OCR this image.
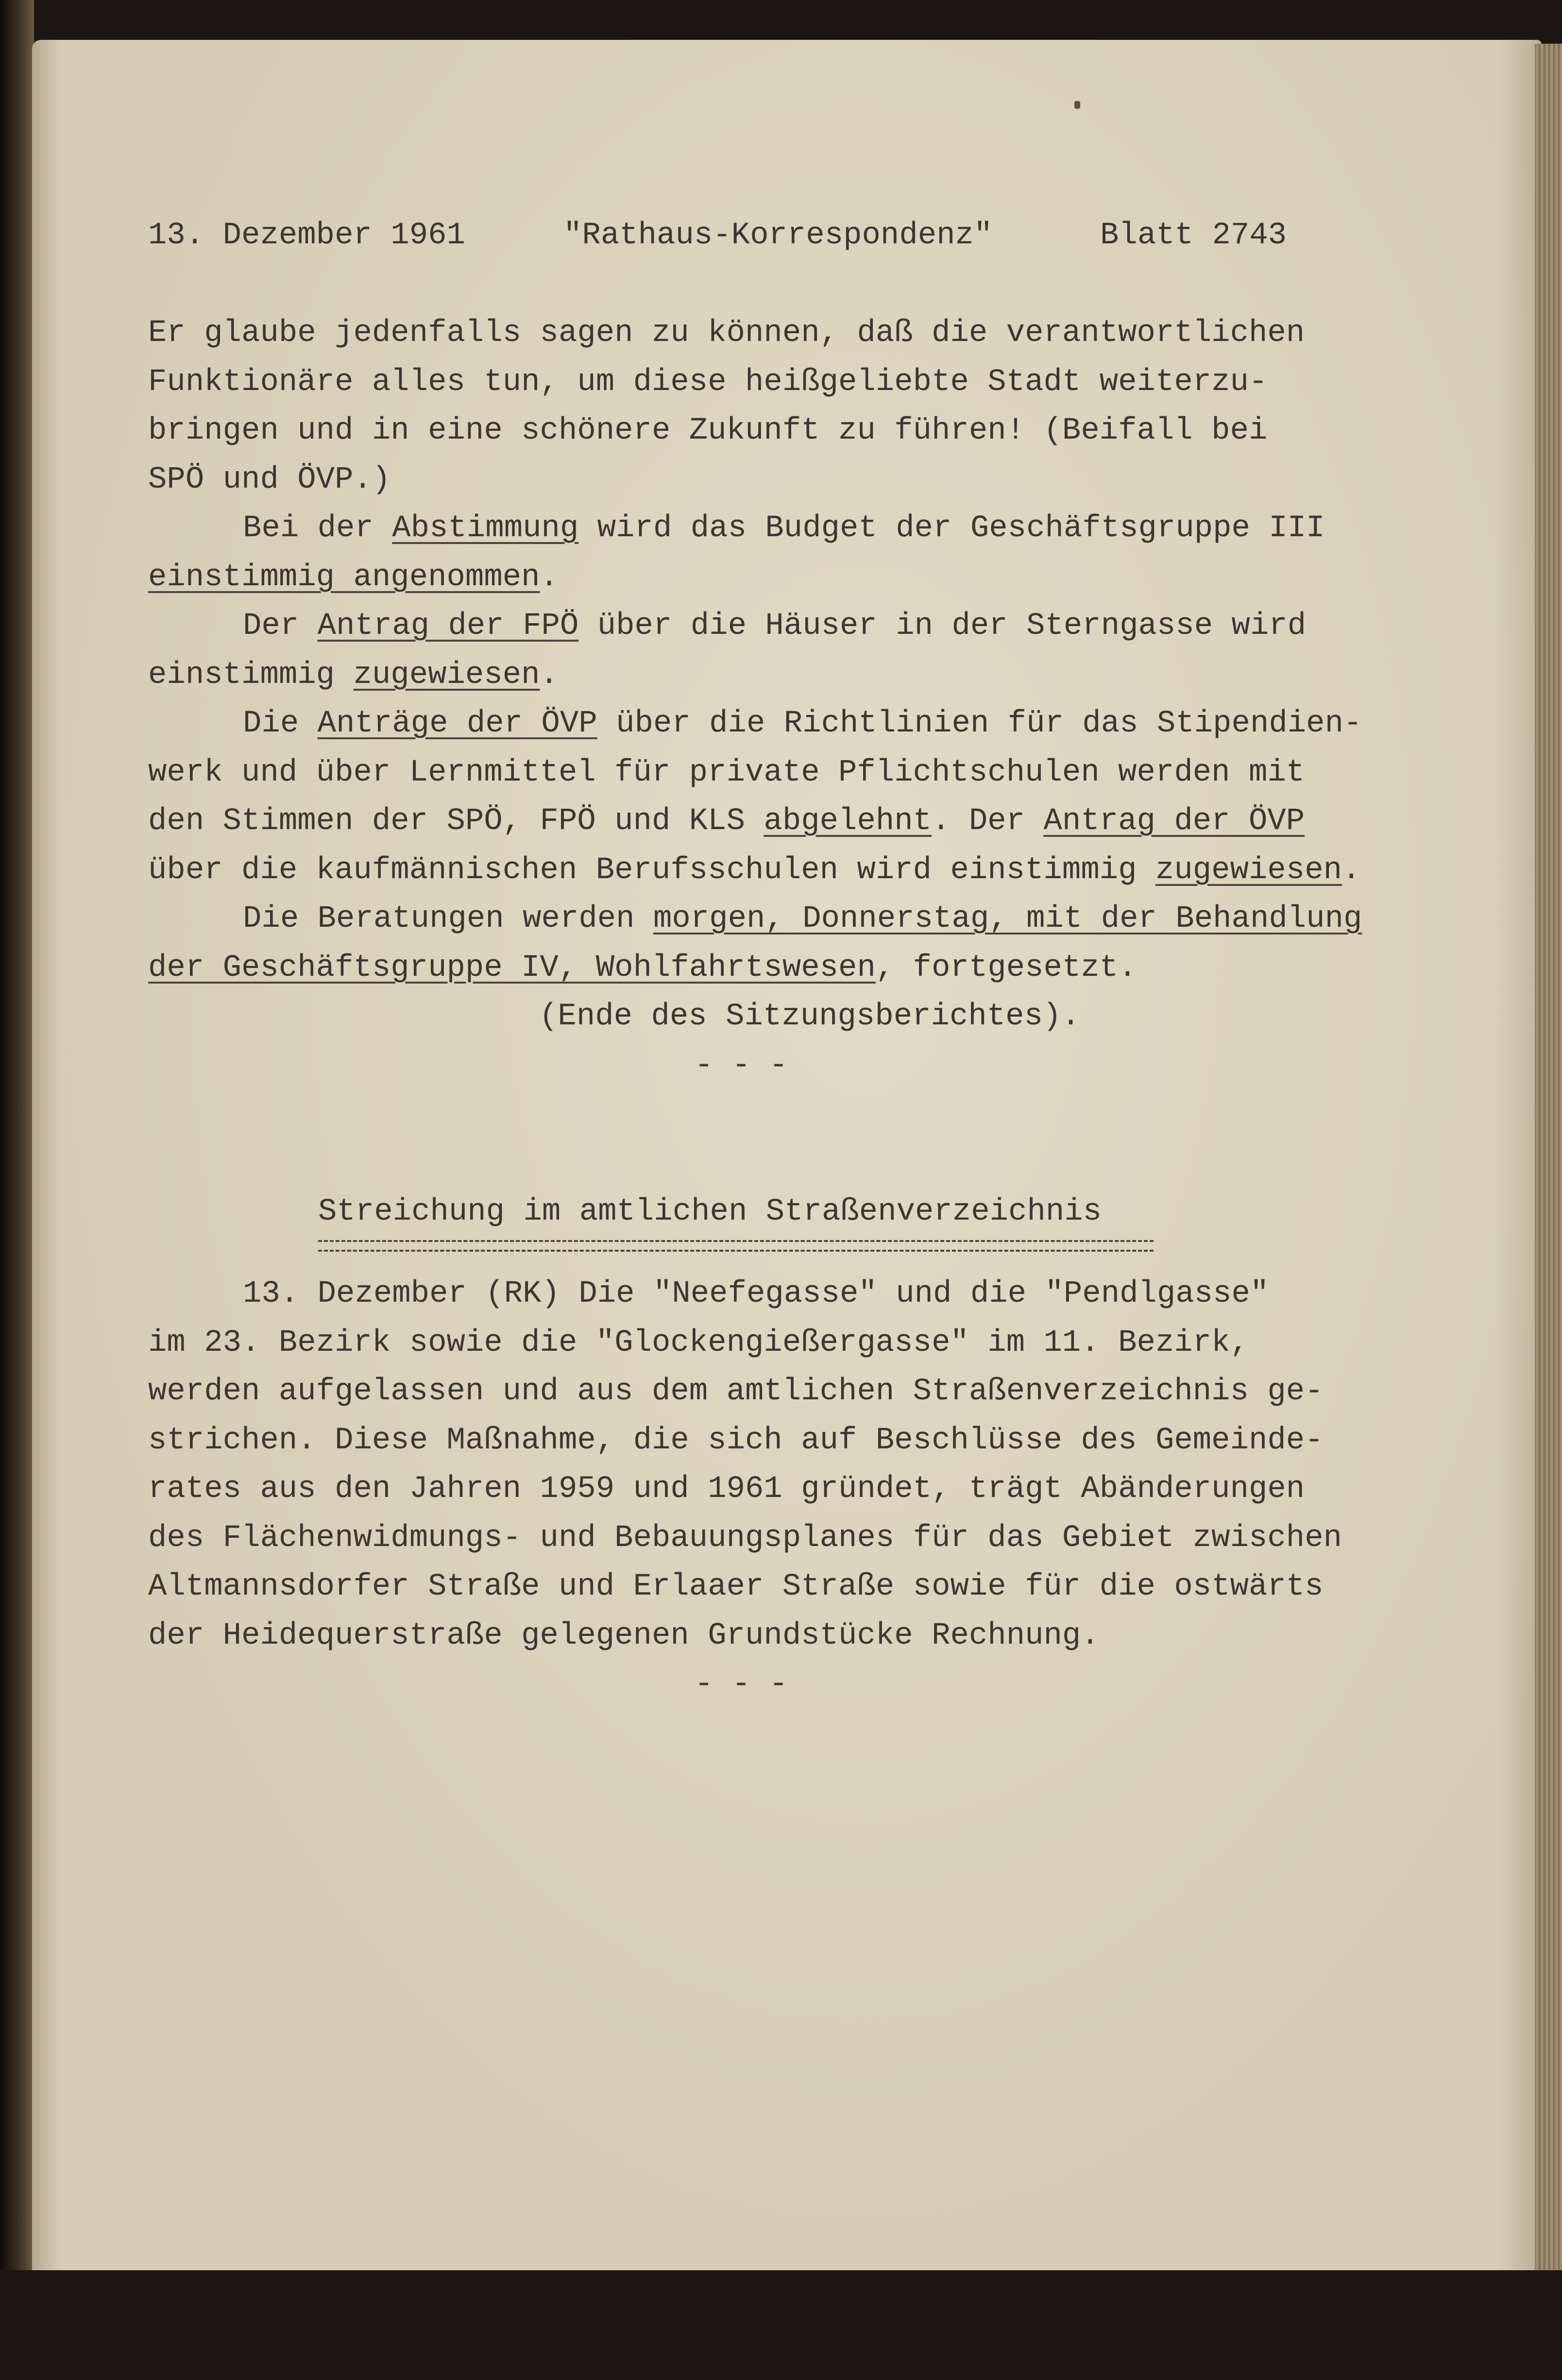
13. Dezember 1961

	"Rathaus-Korrespondenz"

	Blatt 2743

Er glaube jedenfalls sagen zu können, daß die verantwortlichen

Funktionäre alles tun, um diese heißgeliebte Stadt weiterzu-

bringen und in eine schönere Zukunft zu führen! (Beifall bei

SPÖ und ÖVP.)

Bei der Abstimmung wird das Budget der Geschäftsgruppe III

einstimmig angenommen.

Der Antrag der FPÖ über die Häuser in der Sterngasse wird

einstimmig zugewiesen.

Die Anträge der ÖVP über die Richtlinien für das Stipendien-

werk und über Lernmittel für private Pflichtschulen werden mit

den Stimmen der SPÖ, FPÖ und KLS abgelehnt. Der Antrag der ÖVP

über die kaufmännischen Berufsschulen wird einstimmig zugewiesen.

Die Beratungen werden morgen, Donnerstag, mit der Behandlung

der Geschäftsgruppe IV, Wohlfahrtswesen, fortgesetzt.

(Ende des Sitzungsberichtes).

- - -

Streichung im amtlichen Straßenverzeichnis

13. Dezember (RK) Die "Neefegasse" und die "Pendlgasse"

im 23. Bezirk sowie die "Glockengießergasse" im 11. Bezirk,

werden aufgelassen und aus dem amtlichen Straßenverzeichnis ge-

strichen. Diese Maßnahme, die sich auf Beschlüsse des Gemeinde-

rates aus den Jahren 1959 und 1961 gründet, trägt Abänderungen

des Flächenwidmungs- und Bebauungsplanes für das Gebiet zwischen

Altmannsdorfer Straße und Erlaaer Straße sowie für die ostwärts

der Heidequerstraße gelegenen Grundstücke Rechnung.

- - -
